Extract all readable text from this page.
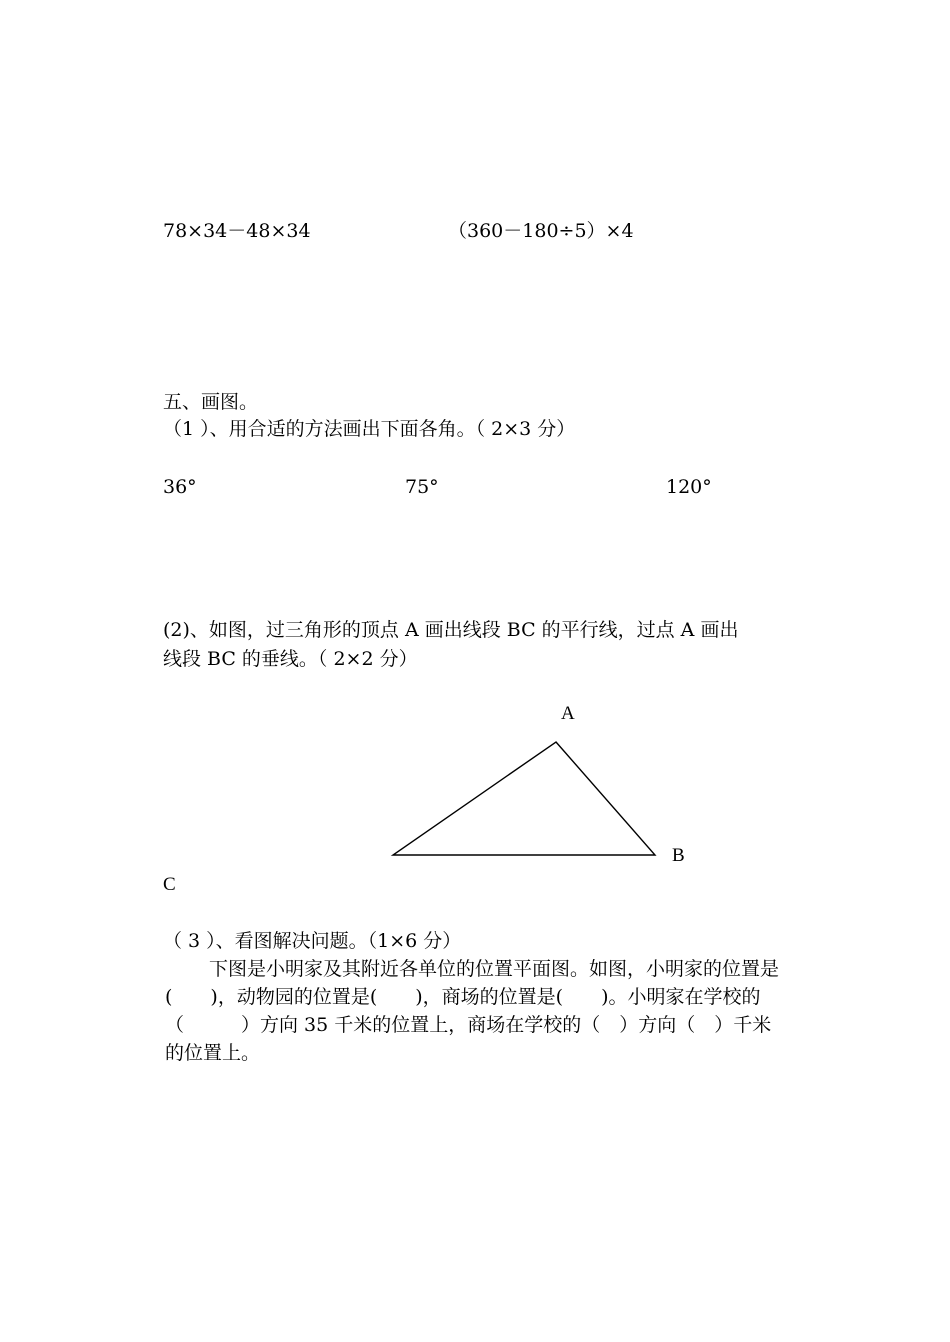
78×34－48×34	（360－180÷5）×4
五、画图。
（1 ）、用合适的方法画出下面各角。（ 2×3 分）
36°	75°	120°
(2)、如图，过三角形的顶点 A 画出线段 BC 的平行线，过点 A 画出
线段 BC 的垂线。（ 2×2 分）
A
B
C
（ 3 ）、看图解决问题。（1×6 分）
下图是小明家及其附近各单位的位置平面图。如图，小明家的位置是(　　)，动物园的位置是(　　)，商场的位置是(　　)。小明家在学校的（　　　）方向 35 千米的位置上，商场在学校的（　）方向（　）千米的位置上。
